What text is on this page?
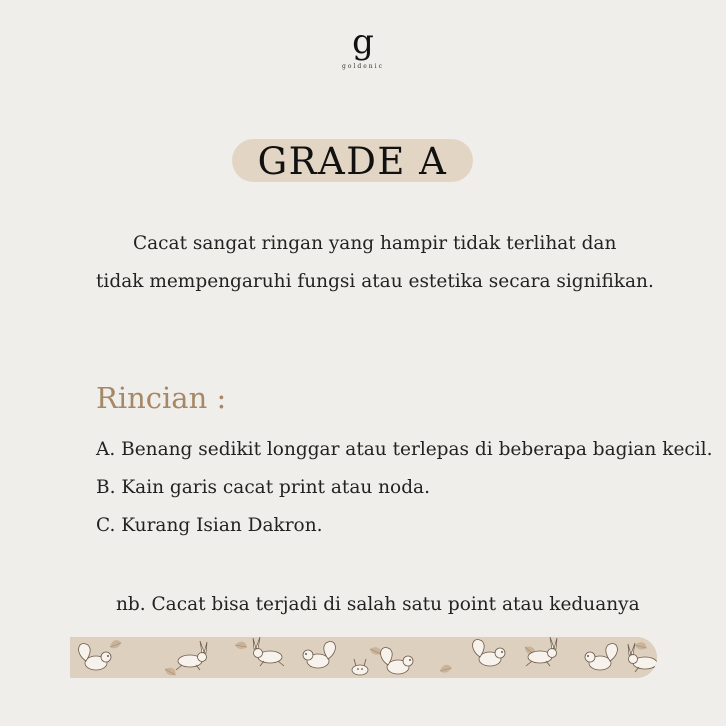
g
goldenic
GRADE A
Cacat sangat ringan yang hampir tidak terlihat dan
tidak mempengaruhi fungsi atau estetika secara signifikan.
Rincian :
A. Benang sedikit longgar atau terlepas di beberapa bagian kecil.
B. Kain garis cacat print atau noda.
C. Kurang Isian Dakron.
nb. Cacat bisa terjadi di salah satu point atau keduanya
